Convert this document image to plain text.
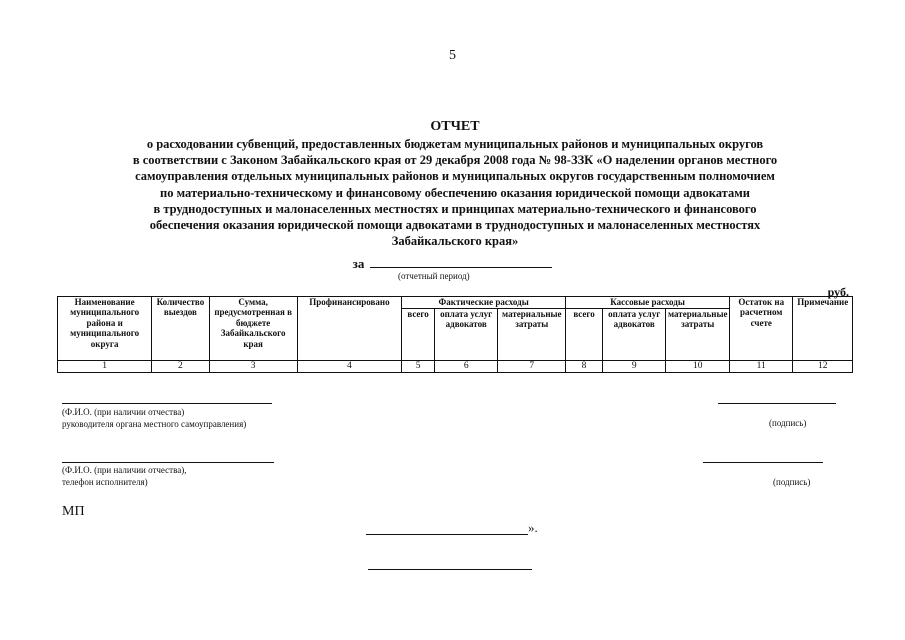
5
ОТЧЕТ
о расходовании субвенций, предоставленных бюджетам муниципальных районов и муниципальных округов
в соответствии с Законом Забайкальского края от 29 декабря 2008 года № 98-ЗЗК «О наделении органов местного
самоуправления отдельных муниципальных районов и муниципальных округов государственным полномочием
по материально-техническому и финансовому обеспечению оказания юридической помощи адвокатами
в труднодоступных и малонаселенных местностях и принципах материально-технического и финансового
обеспечения оказания юридической помощи адвокатами в труднодоступных и малонаселенных местностях
Забайкальского края»
за
(отчетный период)
руб.
Наименование муниципального района и муниципального округа	Количество выездов	Сумма, предусмотренная в бюджете Забайкальского края	Профинансировано	Фактические расходы			Кассовые расходы			Остаток на расчетном счете	Примечание
				всего	оплата услуг адвокатов	материальные затраты	всего	оплата услуг адвокатов	материальные затраты		
1	2	3	4	5	6	7	8	9	10	11	12
(Ф.И.О. (при наличии отчества)
руководителя органа местного самоуправления)	(подпись)
(Ф.И.О. (при наличии отчества),
телефон исполнителя)	(подпись)
МП
».
